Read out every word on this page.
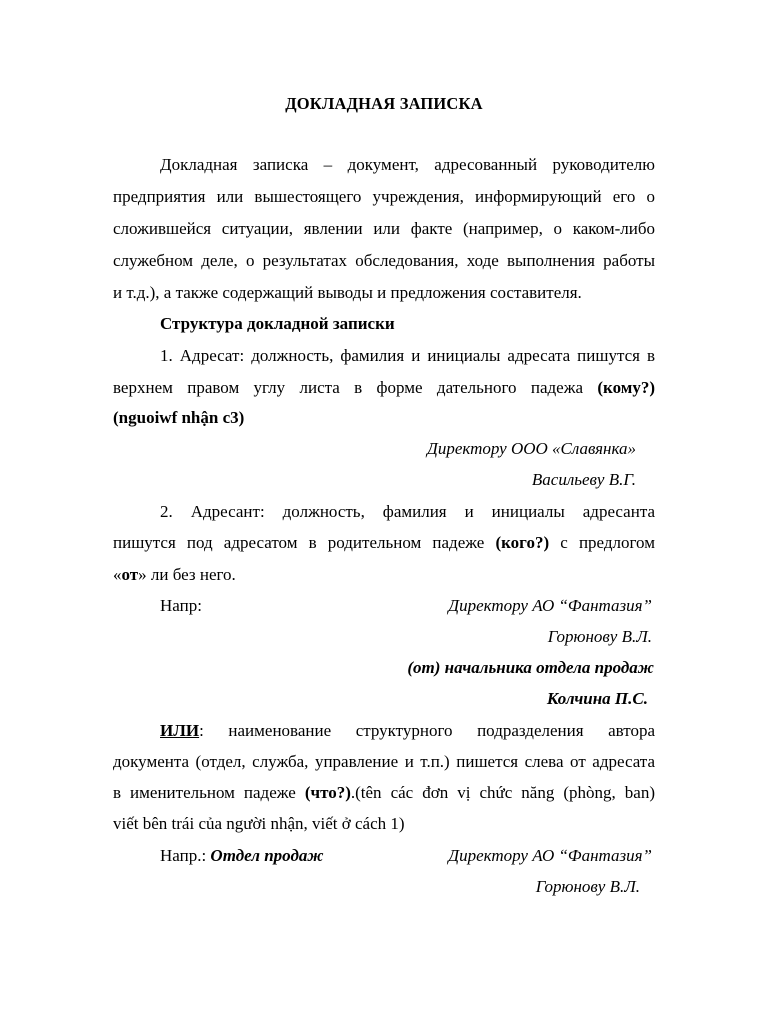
ДОКЛАДНАЯ ЗАПИСКА
Докладная записка – документ, адресованный руководителю
предприятия или вышестоящего учреждения, информирующий его о
сложившейся ситуации, явлении или факте (например, о каком-либо
служебном деле, о результатах обследования, ходе выполнения работы
и т.д.), а также содержащий выводы и предложения составителя.
Структура докладной записки
1. Адресат: должность, фамилия и инициалы адресата пишутся в
верхнем правом углу листа в форме дательного падежа (кому?)
(nguoiwf nhận c3)
Директору ООО «Славянка»
Васильеву В.Г.
2. Адресант: должность, фамилия и инициалы адресанта
пишутся под адресатом в родительном падеже (кого?) с предлогом
«от» ли без него.
Напр:	Директору АО “Фантазия”
Горюнову В.Л.
(от) начальника отдела продаж
Колчина П.С.
ИЛИ: наименование структурного подразделения автора
документа (отдел, служба, управление и т.п.) пишется слева от адресата
в именительном падеже (что?).(tên các đơn vị chức năng (phòng, ban)
viết bên trái của người nhận, viết ở cách 1)
Напр.: Отдел продаж	Директору АО “Фантазия”
Горюнову В.Л.
